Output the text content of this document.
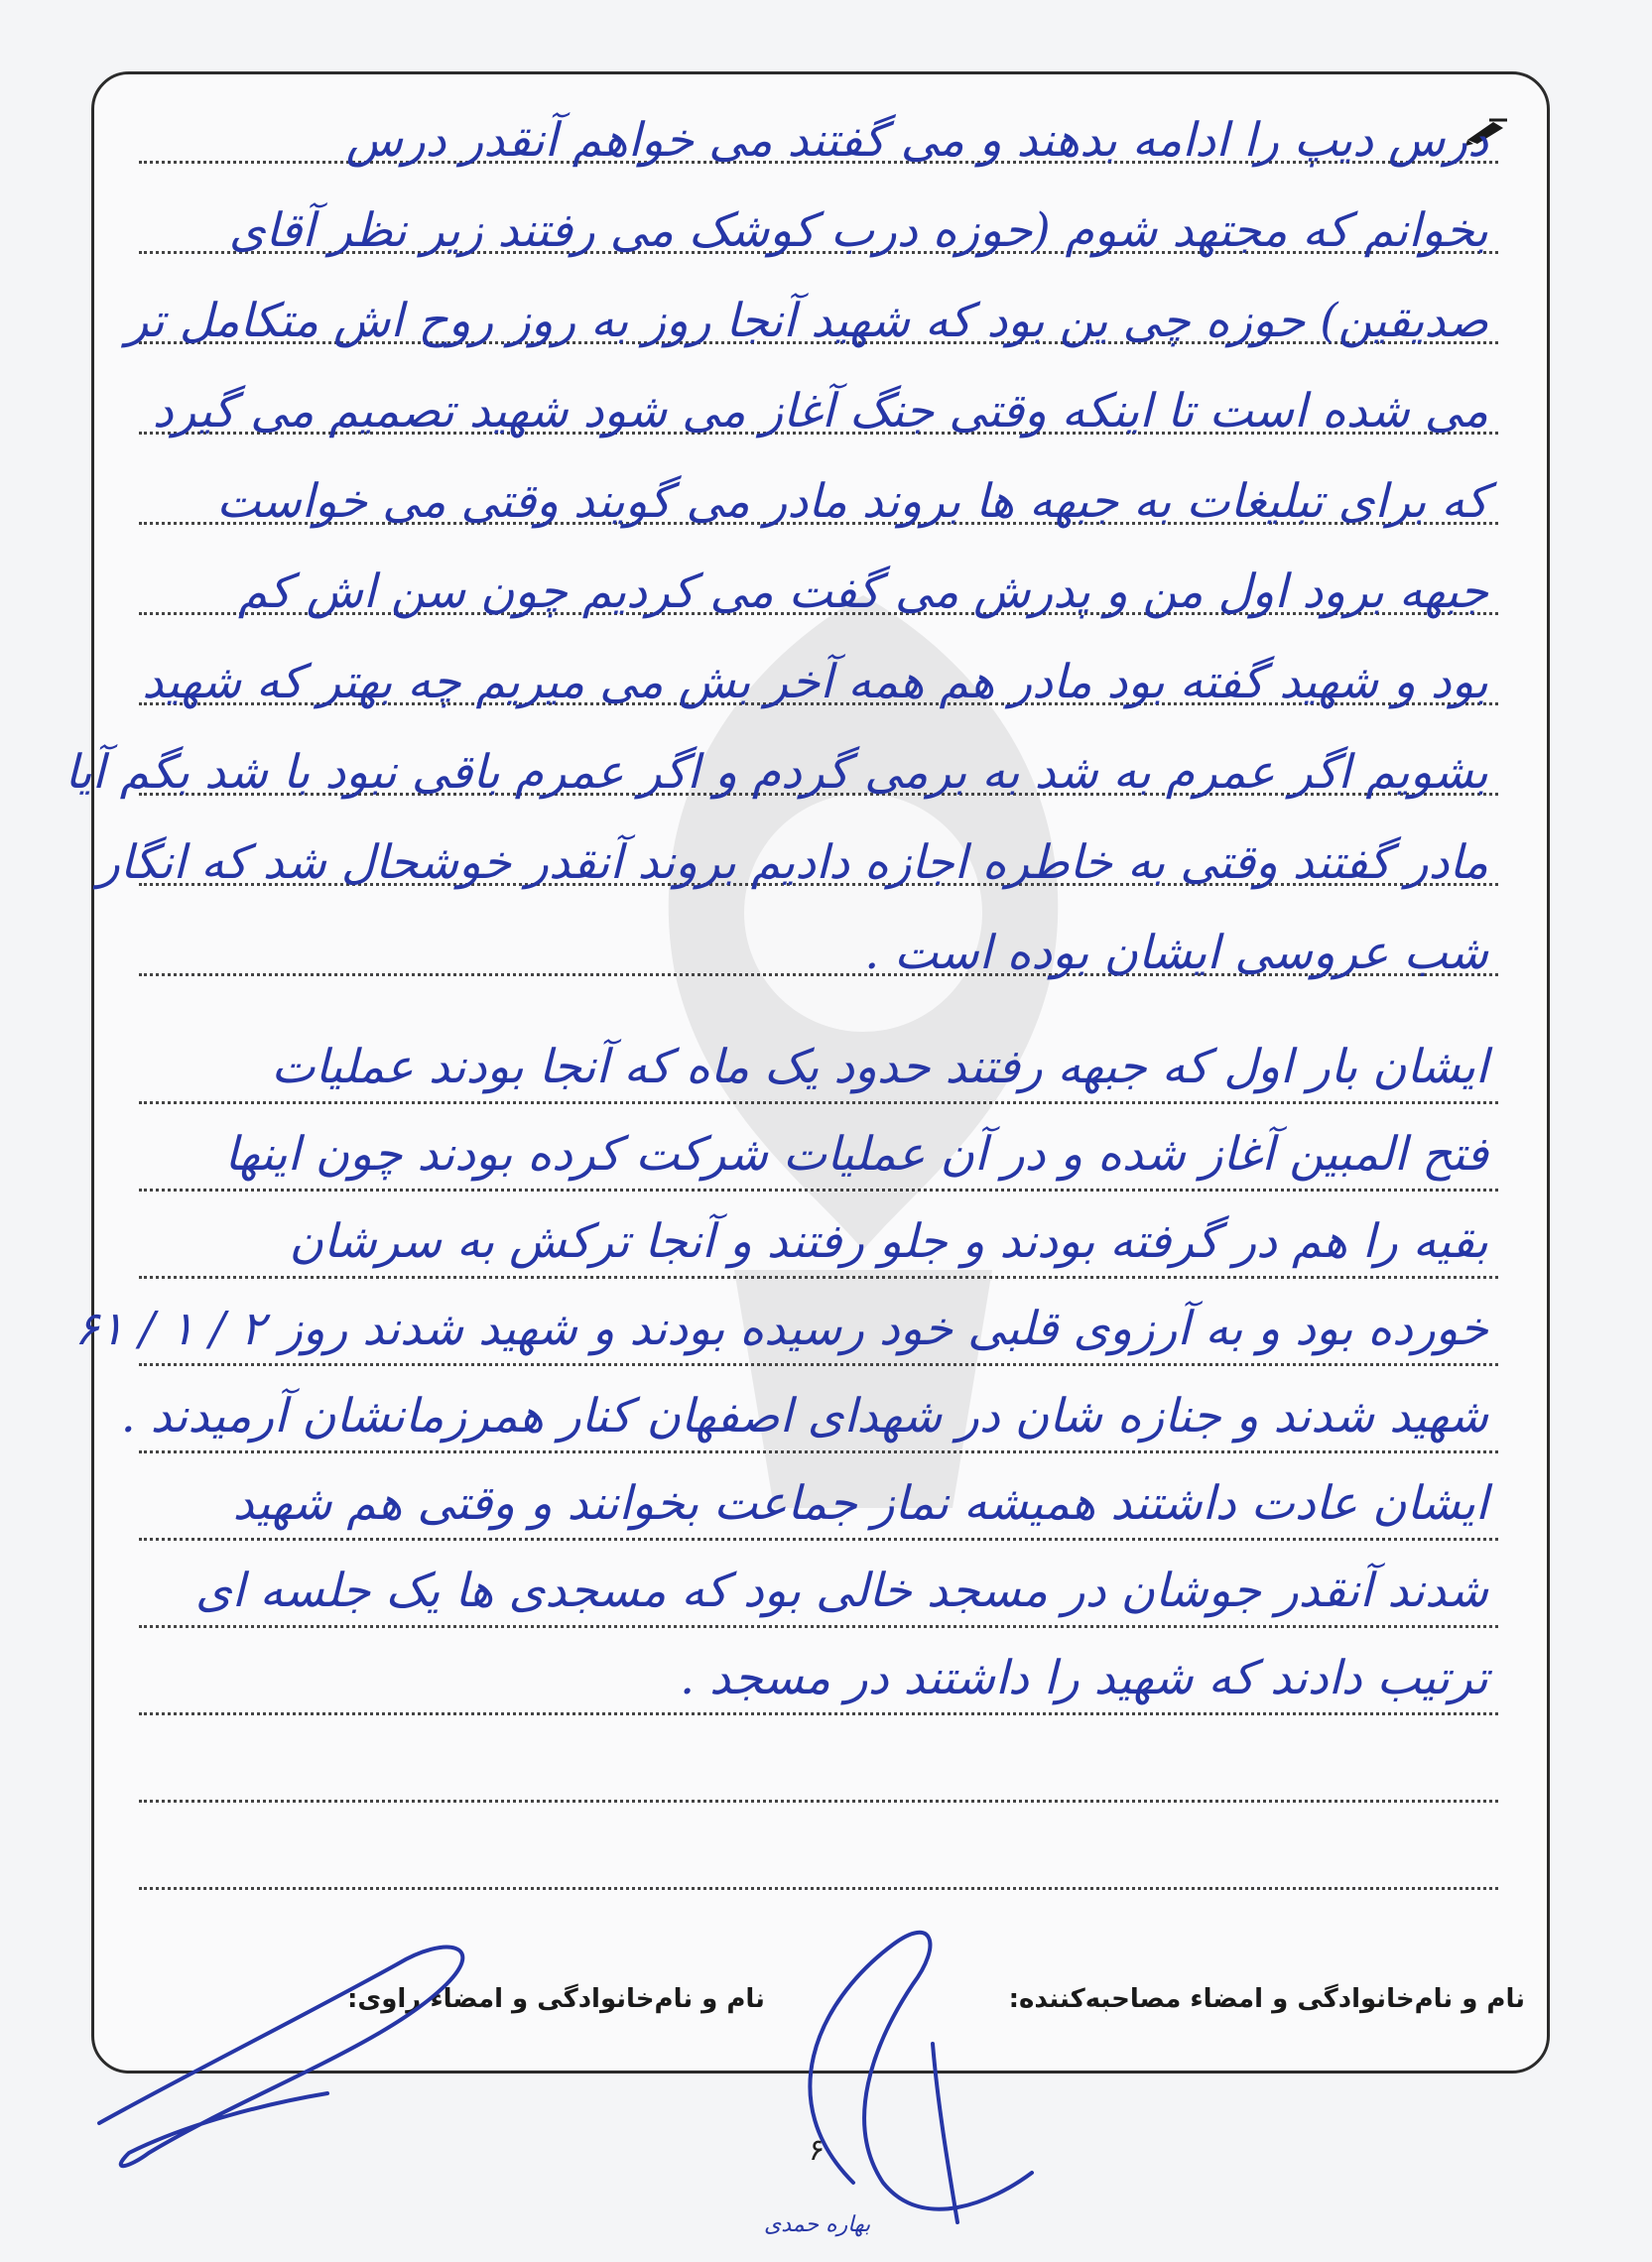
درس دیپ را ادامه بدهند و می گفتند می خواهم آنقدر درس
بخوانم که مجتهد شوم (حوزه درب کوشک می رفتند زیر نظر آقای
صدیقین) حوزه چی ین بود که شهید آنجا روز به روز روح اش متکامل تر
می شده است تا اینکه وقتی جنگ آغاز می شود شهید تصمیم می گیرد
که برای تبلیغات به جبهه ها بروند مادر می گویند وقتی می خواست
جبهه برود اول من و پدرش می گفت می کردیم چون سن اش کم
بود و شهید گفته بود مادر هم همه آخر بش می میریم چه بهتر که شهید
بشویم اگر عمرم به شد به برمی گردم و اگر عمرم باقی نبود با شد بگم آیا
مادر گفتند وقتی به خاطره اجازه دادیم بروند آنقدر خوشحال شد که انگار
شب عروسی ایشان بوده است .
ایشان بار اول که جبهه رفتند حدود یک ماه که آنجا بودند عملیات
فتح المبین آغاز شده و در آن عملیات شرکت کرده بودند چون اینها
بقیه را هم در گرفته بودند و جلو رفتند و آنجا ترکش به سرشان
خورده بود و به آرزوی قلبی خود رسیده بودند و شهید شدند روز ۲ / ۱ / ۶۱
شهید شدند و جنازه شان در شهدای اصفهان کنار همرزمانشان آرمیدند .
ایشان عادت داشتند همیشه نماز جماعت بخوانند و وقتی هم شهید
شدند آنقدر جوشان در مسجد خالی بود که مسجدی ها یک جلسه ای
ترتیب دادند که شهید را داشتند در مسجد .
نام و نام‌خانوادگی و امضاء مصاحبه‌کننده:
نام و نام‌خانوادگی و امضاء راوی:
بهاره حمدی
۶
